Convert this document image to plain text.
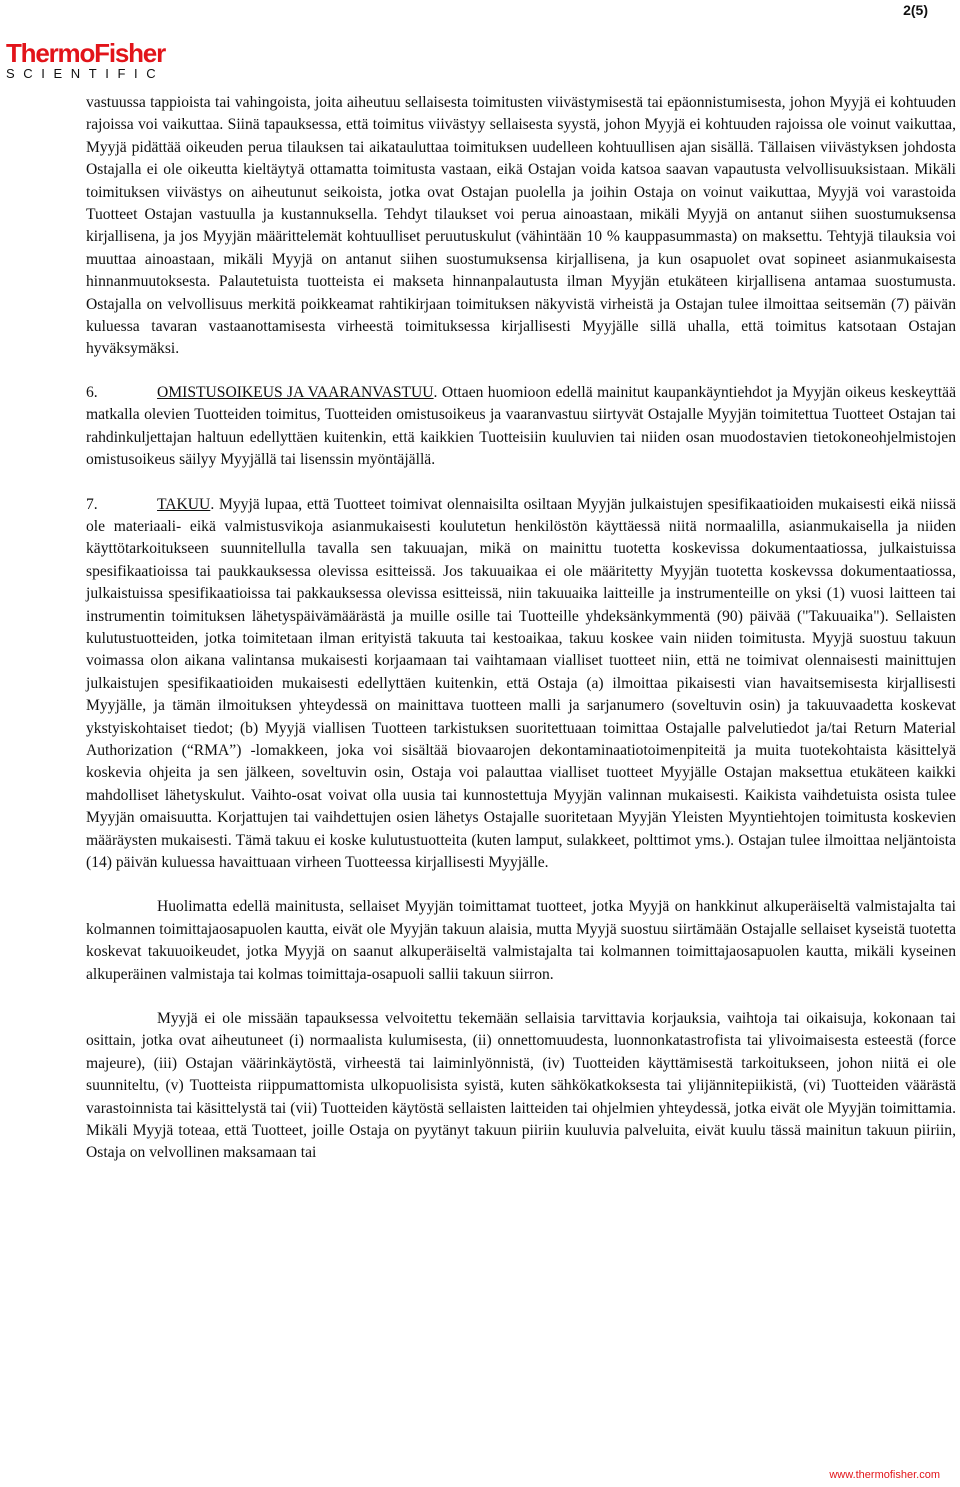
2(5)
ThermoFisher
SCIENTIFIC

vastuussa tappioista tai vahingoista, joita aiheutuu sellaisesta toimitusten viivästymisestä tai epäonnistumisesta, johon Myyjä ei kohtuuden rajoissa voi vaikuttaa. Siinä tapauksessa, että toimitus viivästyy sellaisesta syystä, johon Myyjä ei kohtuuden rajoissa ole voinut vaikuttaa, Myyjä pidättää oikeuden perua tilauksen tai aikatauluttaa toimituksen uudelleen kohtuullisen ajan sisällä. Tällaisen viivästyksen johdosta Ostajalla ei ole oikeutta kieltäytyä ottamatta toimitusta vastaan, eikä Ostajan voida katsoa saavan vapautusta velvollisuuksistaan. Mikäli toimituksen viivästys on aiheutunut seikoista, jotka ovat Ostajan puolella ja joihin Ostaja on voinut vaikuttaa, Myyjä voi varastoida Tuotteet Ostajan vastuulla ja kustannuksella. Tehdyt tilaukset voi perua ainoastaan, mikäli Myyjä on antanut siihen suostumuksensa kirjallisena, ja jos Myyjän määrittelemät kohtuulliset peruutuskulut (vähintään 10 % kauppasummasta) on maksettu. Tehtyjä tilauksia voi muuttaa ainoastaan, mikäli Myyjä on antanut siihen suostumuksensa kirjallisena, ja kun osapuolet ovat sopineet asianmukaisesta hinnanmuutoksesta. Palautetuista tuotteista ei makseta hinnanpalautusta ilman Myyjän etukäteen kirjallisena antamaa suostumusta. Ostajalla on velvollisuus merkitä poikkeamat rahtikirjaan toimituksen näkyvistä virheistä ja Ostajan tulee ilmoittaa seitsemän (7) päivän kuluessa tavaran vastaanottamisesta virheestä toimituksessa kirjallisesti Myyjälle sillä uhalla, että toimitus katsotaan Ostajan hyväksymäksi.

6.	OMISTUSOIKEUS JA VAARANVASTUU. Ottaen huomioon edellä mainitut kaupankäyntiehdot ja Myyjän oikeus keskeyttää matkalla olevien Tuotteiden toimitus, Tuotteiden omistusoikeus ja vaaranvastuu siirtyvät Ostajalle Myyjän toimitettua Tuotteet Ostajan tai rahdinkuljettajan haltuun edellyttäen kuitenkin, että kaikkien Tuotteisiin kuuluvien tai niiden osan muodostavien tietokoneohjelmistojen omistusoikeus säilyy Myyjällä tai lisenssin myöntäjällä.

7.	TAKUU. Myyjä lupaa, että Tuotteet toimivat olennaisilta osiltaan Myyjän julkaistujen spesifikaatioiden mukaisesti eikä niissä ole materiaali- eikä valmistusvikoja asianmukaisesti koulutetun henkilöstön käyttäessä niitä normaalilla, asianmukaisella ja niiden käyttötarkoitukseen suunnitellulla tavalla sen takuuajan, mikä on mainittu tuotetta koskevissa dokumentaatiossa, julkaistuissa spesifikaatioissa tai paukkauksessa olevissa esitteissä. Jos takuuaikaa ei ole määritetty Myyjän tuotetta koskevssa dokumentaatiossa, julkaistuissa spesifikaatioissa tai pakkauksessa olevissa esitteissä, niin takuuaika laitteille ja instrumenteille on yksi (1) vuosi laitteen tai instrumentin toimituksen lähetyspäivämäärästä ja muille osille tai Tuotteille yhdeksänkymmentä (90) päivää ("Takuuaika"). Sellaisten kulutustuotteiden, jotka toimitetaan ilman erityistä takuuta tai kestoaikaa, takuu koskee vain niiden toimitusta. Myyjä suostuu takuun voimassa olon aikana valintansa mukaisesti korjaamaan tai vaihtamaan vialliset tuotteet niin, että ne toimivat olennaisesti mainittujen julkaistujen spesifikaatioiden mukaisesti edellyttäen kuitenkin, että Ostaja (a) ilmoittaa pikaisesti vian havaitsemisesta kirjallisesti Myyjälle, ja tämän ilmoituksen yhteydessä on mainittava tuotteen malli ja sarjanumero (soveltuvin osin) ja takuuvaadetta koskevat ykstyiskohtaiset tiedot; (b) Myyjä viallisen Tuotteen tarkistuksen suoritettuaan toimittaa Ostajalle palvelutiedot ja/tai Return Material Authorization (“RMA”) -lomakkeen, joka voi sisältää biovaarojen dekontaminaatiotoimenpiteitä ja muita tuotekohtaista käsittelyä koskevia ohjeita ja sen jälkeen, soveltuvin osin, Ostaja voi palauttaa vialliset tuotteet Myyjälle Ostajan maksettua etukäteen kaikki mahdolliset lähetyskulut. Vaihto-osat voivat olla uusia tai kunnostettuja Myyjän valinnan mukaisesti. Kaikista vaihdetuista osista tulee Myyjän omaisuutta. Korjattujen tai vaihdettujen osien lähetys Ostajalle suoritetaan Myyjän Yleisten Myyntiehtojen toimitusta koskevien määräysten mukaisesti. Tämä takuu ei koske kulutustuotteita (kuten lamput, sulakkeet, polttimot yms.). Ostajan tulee ilmoittaa neljäntoista (14) päivän kuluessa havaittuaan virheen Tuotteessa kirjallisesti Myyjälle.

Huolimatta edellä mainitusta, sellaiset Myyjän toimittamat tuotteet, jotka Myyjä on hankkinut alkuperäiseltä valmistajalta tai kolmannen toimittajaosapuolen kautta, eivät ole Myyjän takuun alaisia, mutta Myyjä suostuu siirtämään Ostajalle sellaiset kyseistä tuotetta koskevat takuuoikeudet, jotka Myyjä on saanut alkuperäiseltä valmistajalta tai kolmannen toimittajaosapuolen kautta, mikäli kyseinen alkuperäinen valmistaja tai kolmas toimittaja-osapuoli sallii takuun siirron.

Myyjä ei ole missään tapauksessa velvoitettu tekemään sellaisia tarvittavia korjauksia, vaihtoja tai oikaisuja, kokonaan tai osittain, jotka ovat aiheutuneet (i) normaalista kulumisesta, (ii) onnettomuudesta, luonnonkatastrofista tai ylivoimaisesta esteestä (force majeure), (iii) Ostajan väärinkäytöstä, virheestä tai laiminlyönnistä, (iv) Tuotteiden käyttämisestä tarkoitukseen, johon niitä ei ole suunniteltu, (v) Tuotteista riippumattomista ulkopuolisista syistä, kuten sähkökatkoksesta tai ylijännitepiikistä, (vi) Tuotteiden väärästä varastoinnista tai käsittelystä tai (vii) Tuotteiden käytöstä sellaisten laitteiden tai ohjelmien yhteydessä, jotka eivät ole Myyjän toimittamia. Mikäli Myyjä toteaa, että Tuotteet, joille Ostaja on pyytänyt takuun piiriin kuuluvia palveluita, eivät kuulu tässä mainitun takuun piiriin, Ostaja on velvollinen maksamaan tai

www.thermofisher.com
